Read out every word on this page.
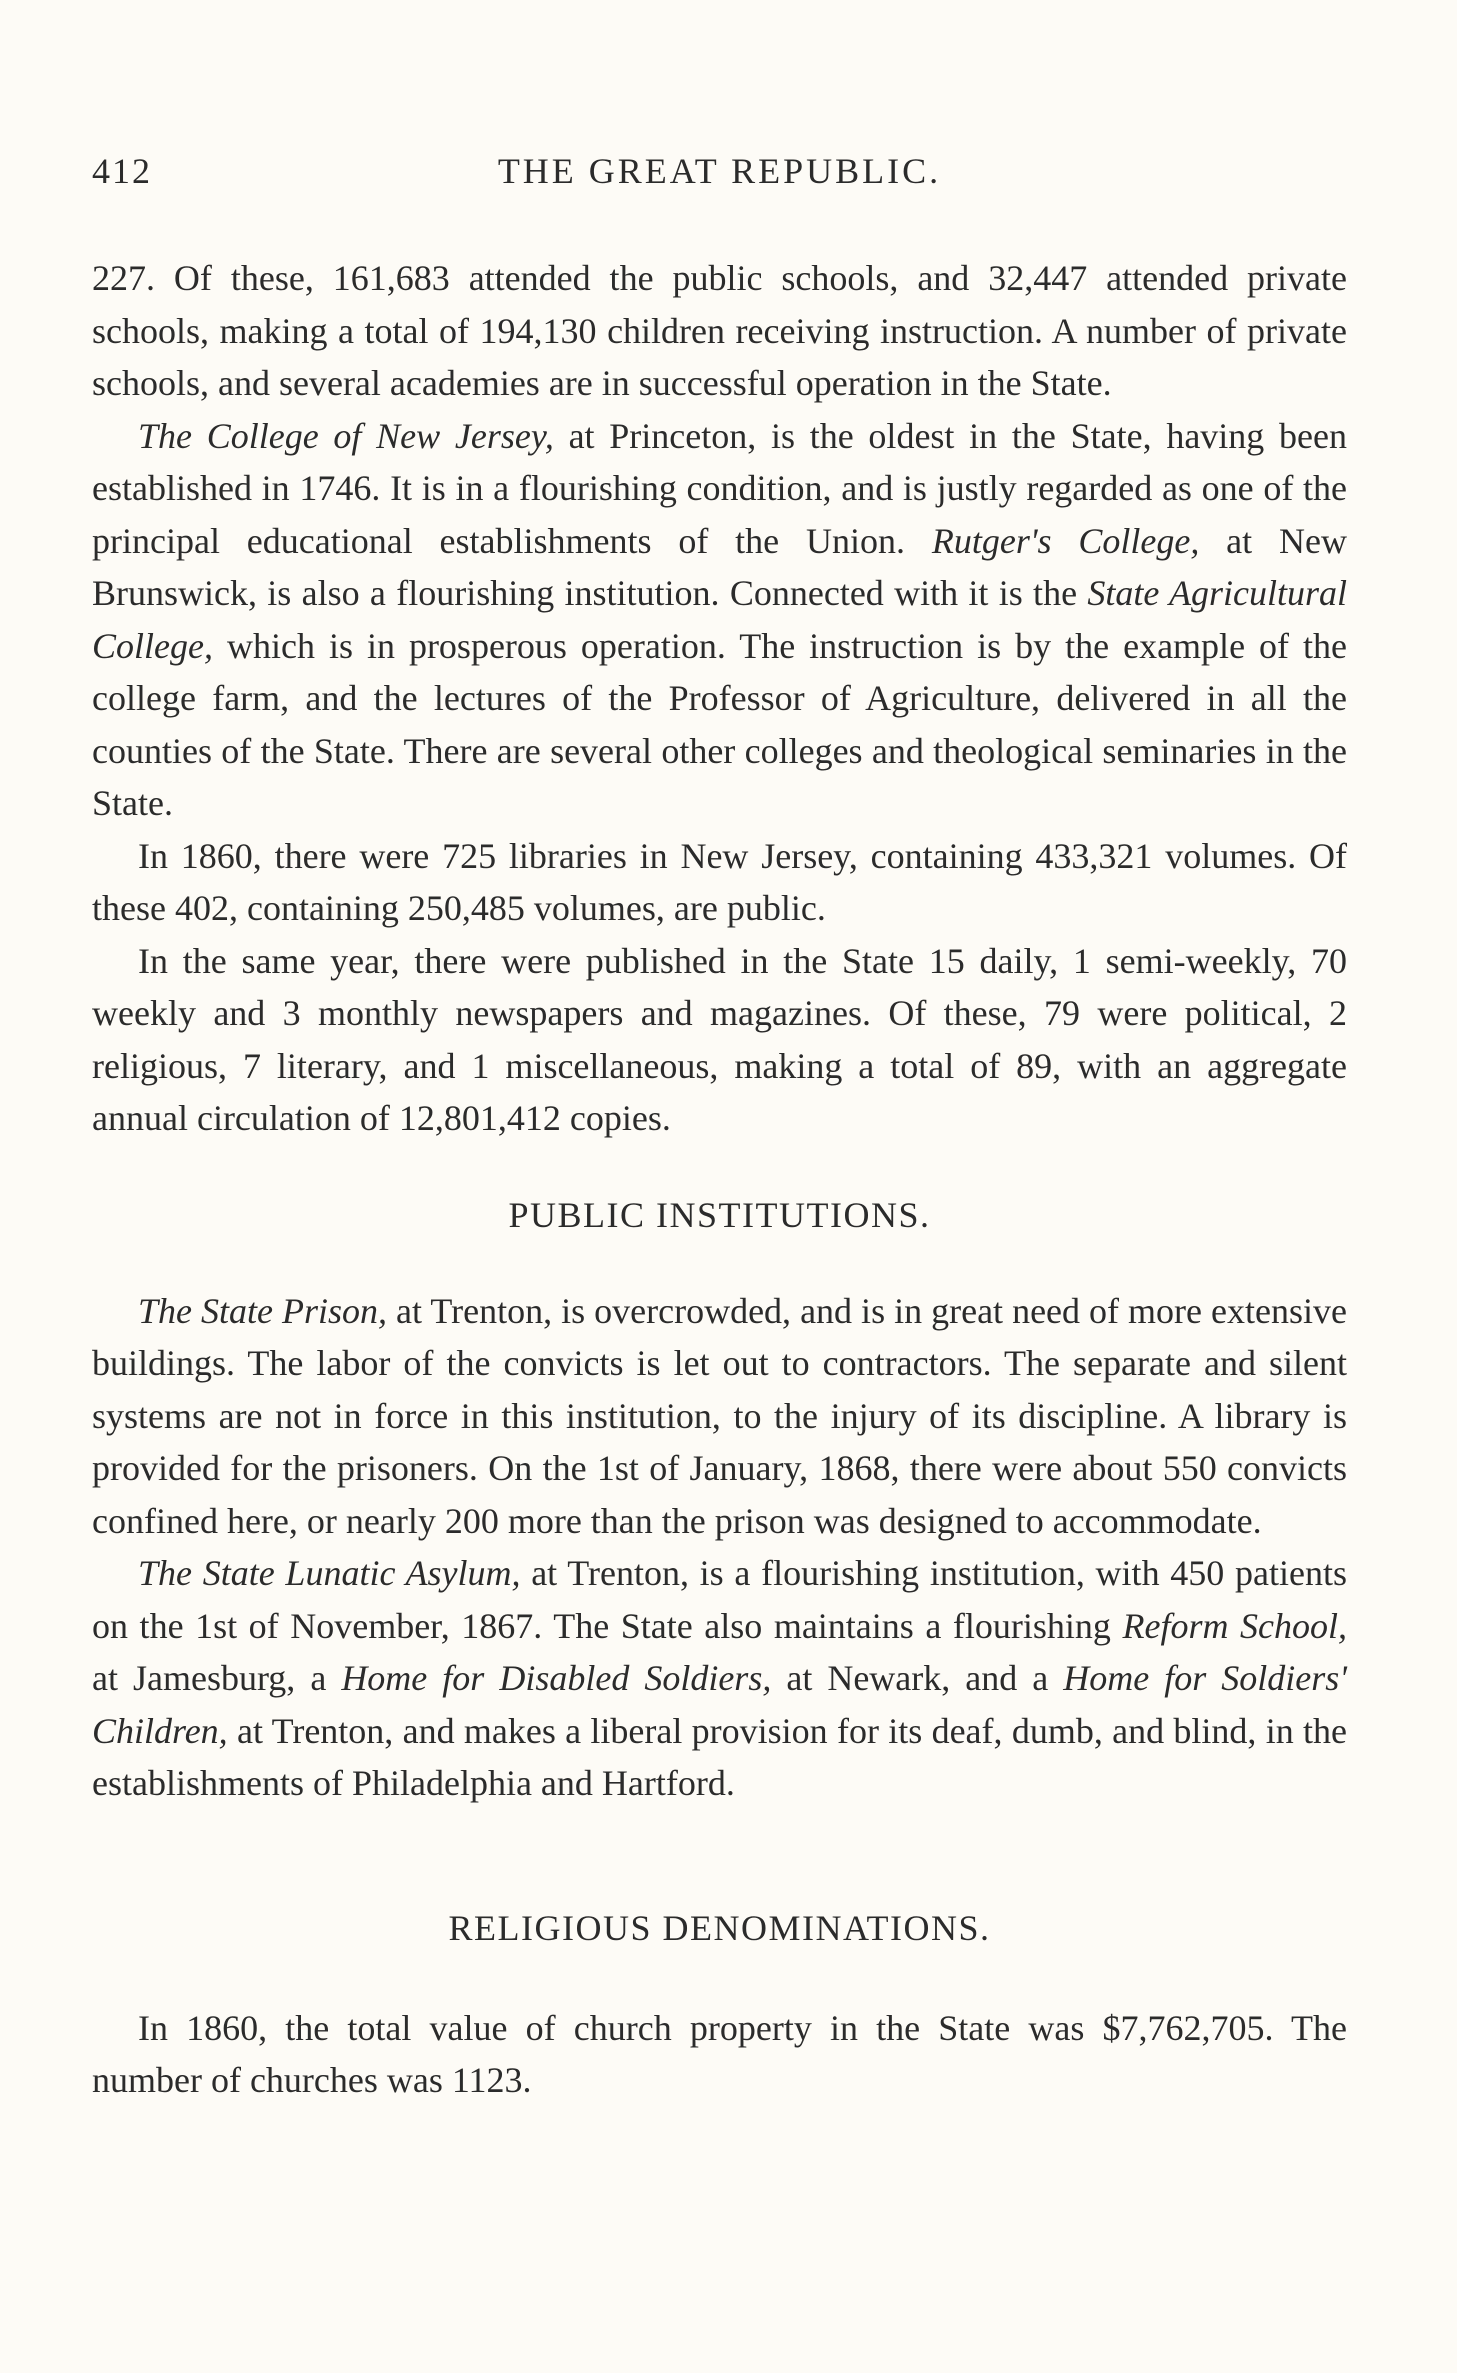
412	THE GREAT REPUBLIC.

227. Of these, 161,683 attended the public schools, and 32,447 attended private schools, making a total of 194,130 children receiving instruction. A number of private schools, and several academies are in successful operation in the State.

The College of New Jersey, at Princeton, is the oldest in the State, having been established in 1746. It is in a flourishing condition, and is justly regarded as one of the principal educational establishments of the Union. Rutger's College, at New Brunswick, is also a flourishing institution. Connected with it is the State Agricultural College, which is in prosperous operation. The instruction is by the example of the college farm, and the lectures of the Professor of Agriculture, delivered in all the counties of the State. There are several other colleges and theological seminaries in the State.

In 1860, there were 725 libraries in New Jersey, containing 433,321 volumes. Of these 402, containing 250,485 volumes, are public.

In the same year, there were published in the State 15 daily, 1 semi-weekly, 70 weekly and 3 monthly newspapers and magazines. Of these, 79 were political, 2 religious, 7 literary, and 1 miscellaneous, making a total of 89, with an aggregate annual circulation of 12,801,412 copies.

PUBLIC INSTITUTIONS.

The State Prison, at Trenton, is overcrowded, and is in great need of more extensive buildings. The labor of the convicts is let out to contractors. The separate and silent systems are not in force in this institution, to the injury of its discipline. A library is provided for the prisoners. On the 1st of January, 1868, there were about 550 convicts confined here, or nearly 200 more than the prison was designed to accommodate.

The State Lunatic Asylum, at Trenton, is a flourishing institution, with 450 patients on the 1st of November, 1867. The State also maintains a flourishing Reform School, at Jamesburg, a Home for Disabled Soldiers, at Newark, and a Home for Soldiers' Children, at Trenton, and makes a liberal provision for its deaf, dumb, and blind, in the establishments of Philadelphia and Hartford.

RELIGIOUS DENOMINATIONS.

In 1860, the total value of church property in the State was $7,762,705. The number of churches was 1123.
